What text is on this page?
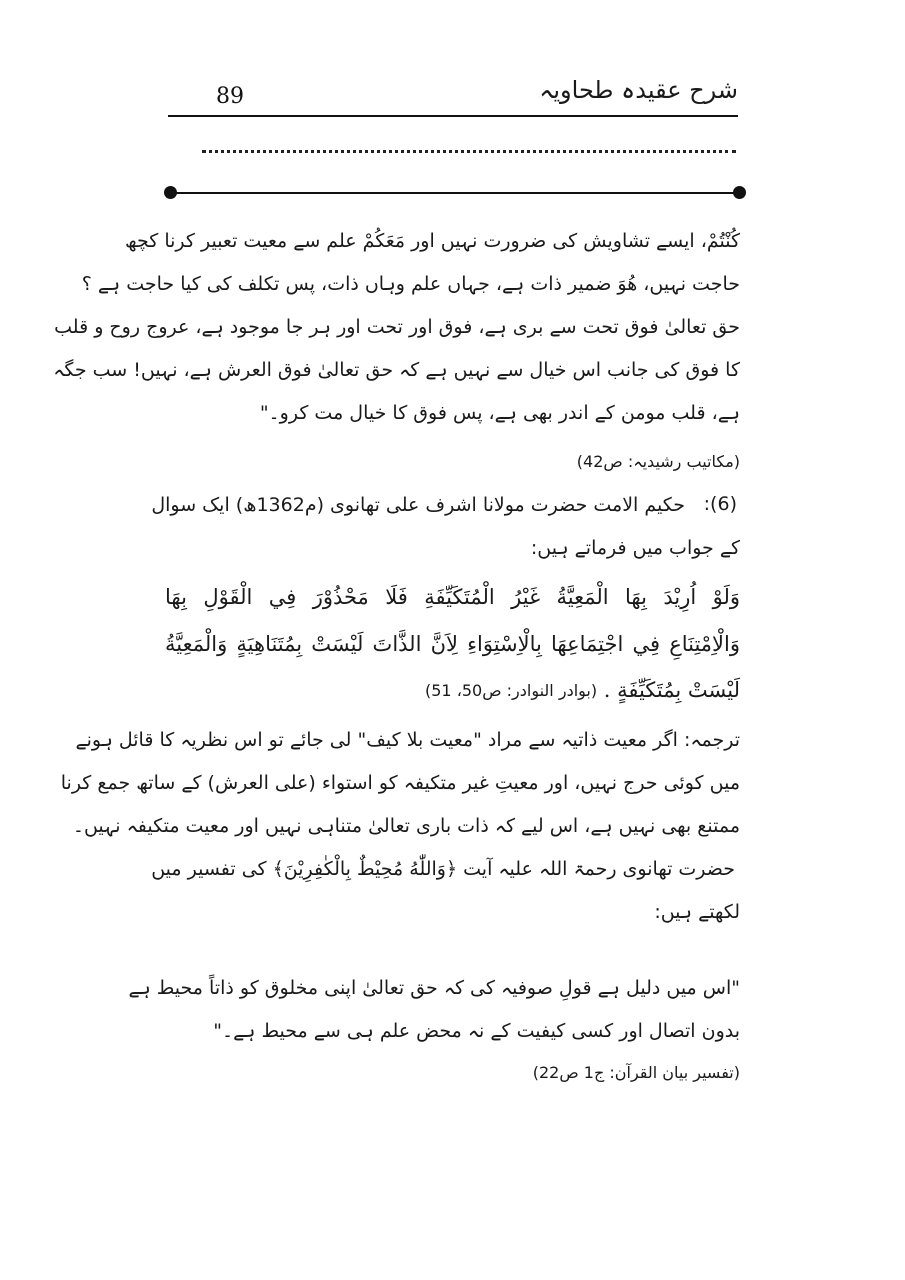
89	شرح عقیدہ طحاویہ
كُنْتُمْ، ایسے تشاویش کی ضرورت نہیں اور مَعَكُمْ علم سے معیت تعبیر کرنا کچھ
حاجت نہیں، هُوَ ضمیر ذات ہے، جہاں علم وہاں ذات، پس تکلف کی کیا حاجت ہے ؟
حق تعالیٰ فوق تحت سے بری ہے، فوق اور تحت اور ہر جا موجود ہے، عروج روح و قلب
کا فوق کی جانب اس خیال سے نہیں ہے کہ حق تعالیٰ فوق العرش ہے، نہیں! سب جگہ
ہے، قلب مومن کے اندر بھی ہے، پس فوق کا خیال مت کرو۔"
(مکاتیب رشیدیہ: ص42)
حکیم الامت حضرت مولانا اشرف علی تھانوی (م1362ھ) ایک سوال (6):
کے جواب میں فرماتے ہیں:
وَلَوْ اُرِيْدَ بِهَا الْمَعِيَّةُ غَيْرُ الْمُتَكَيِّفَةِ فَلَا مَحْذُوْرَ فِي الْقَوْلِ بِهَا
وَالْاِمْتِنَاعِ فِي اجْتِمَاعِهَا بِالْاِسْتِوَاءِ لِاَنَّ الذَّاتَ لَيْسَتْ بِمُتَنَاهِيَةٍ وَالْمَعِيَّةُ
لَيْسَتْ بِمُتَكَيِّفَةٍ .
(بوادر النوادر: ص50، 51)
ترجمہ: اگر معیت ذاتیہ سے مراد "معیت بلا کیف" لی جائے تو اس نظریہ کا قائل ہونے
میں کوئی حرج نہیں، اور معیتِ غیر متکیفہ کو استواء (علی العرش) کے ساتھ جمع کرنا
ممتنع بھی نہیں ہے، اس لیے کہ ذات باری تعالیٰ متناہی نہیں اور معیت متکیفہ نہیں۔
حضرت تھانوی رحمۃ اللہ علیہ آیت ﴿وَاللّٰهُ مُحِيْطٌ بِالْكٰفِرِيْنَ﴾ کی تفسیر میں
لکھتے ہیں:
"اس میں دلیل ہے قولِ صوفیہ کی کہ حق تعالیٰ اپنی مخلوق کو ذاتاً محیط ہے
بدون اتصال اور کسی کیفیت کے نہ محض علم ہی سے محیط ہے۔"
(تفسیر بیان القرآن: ج1 ص22)
